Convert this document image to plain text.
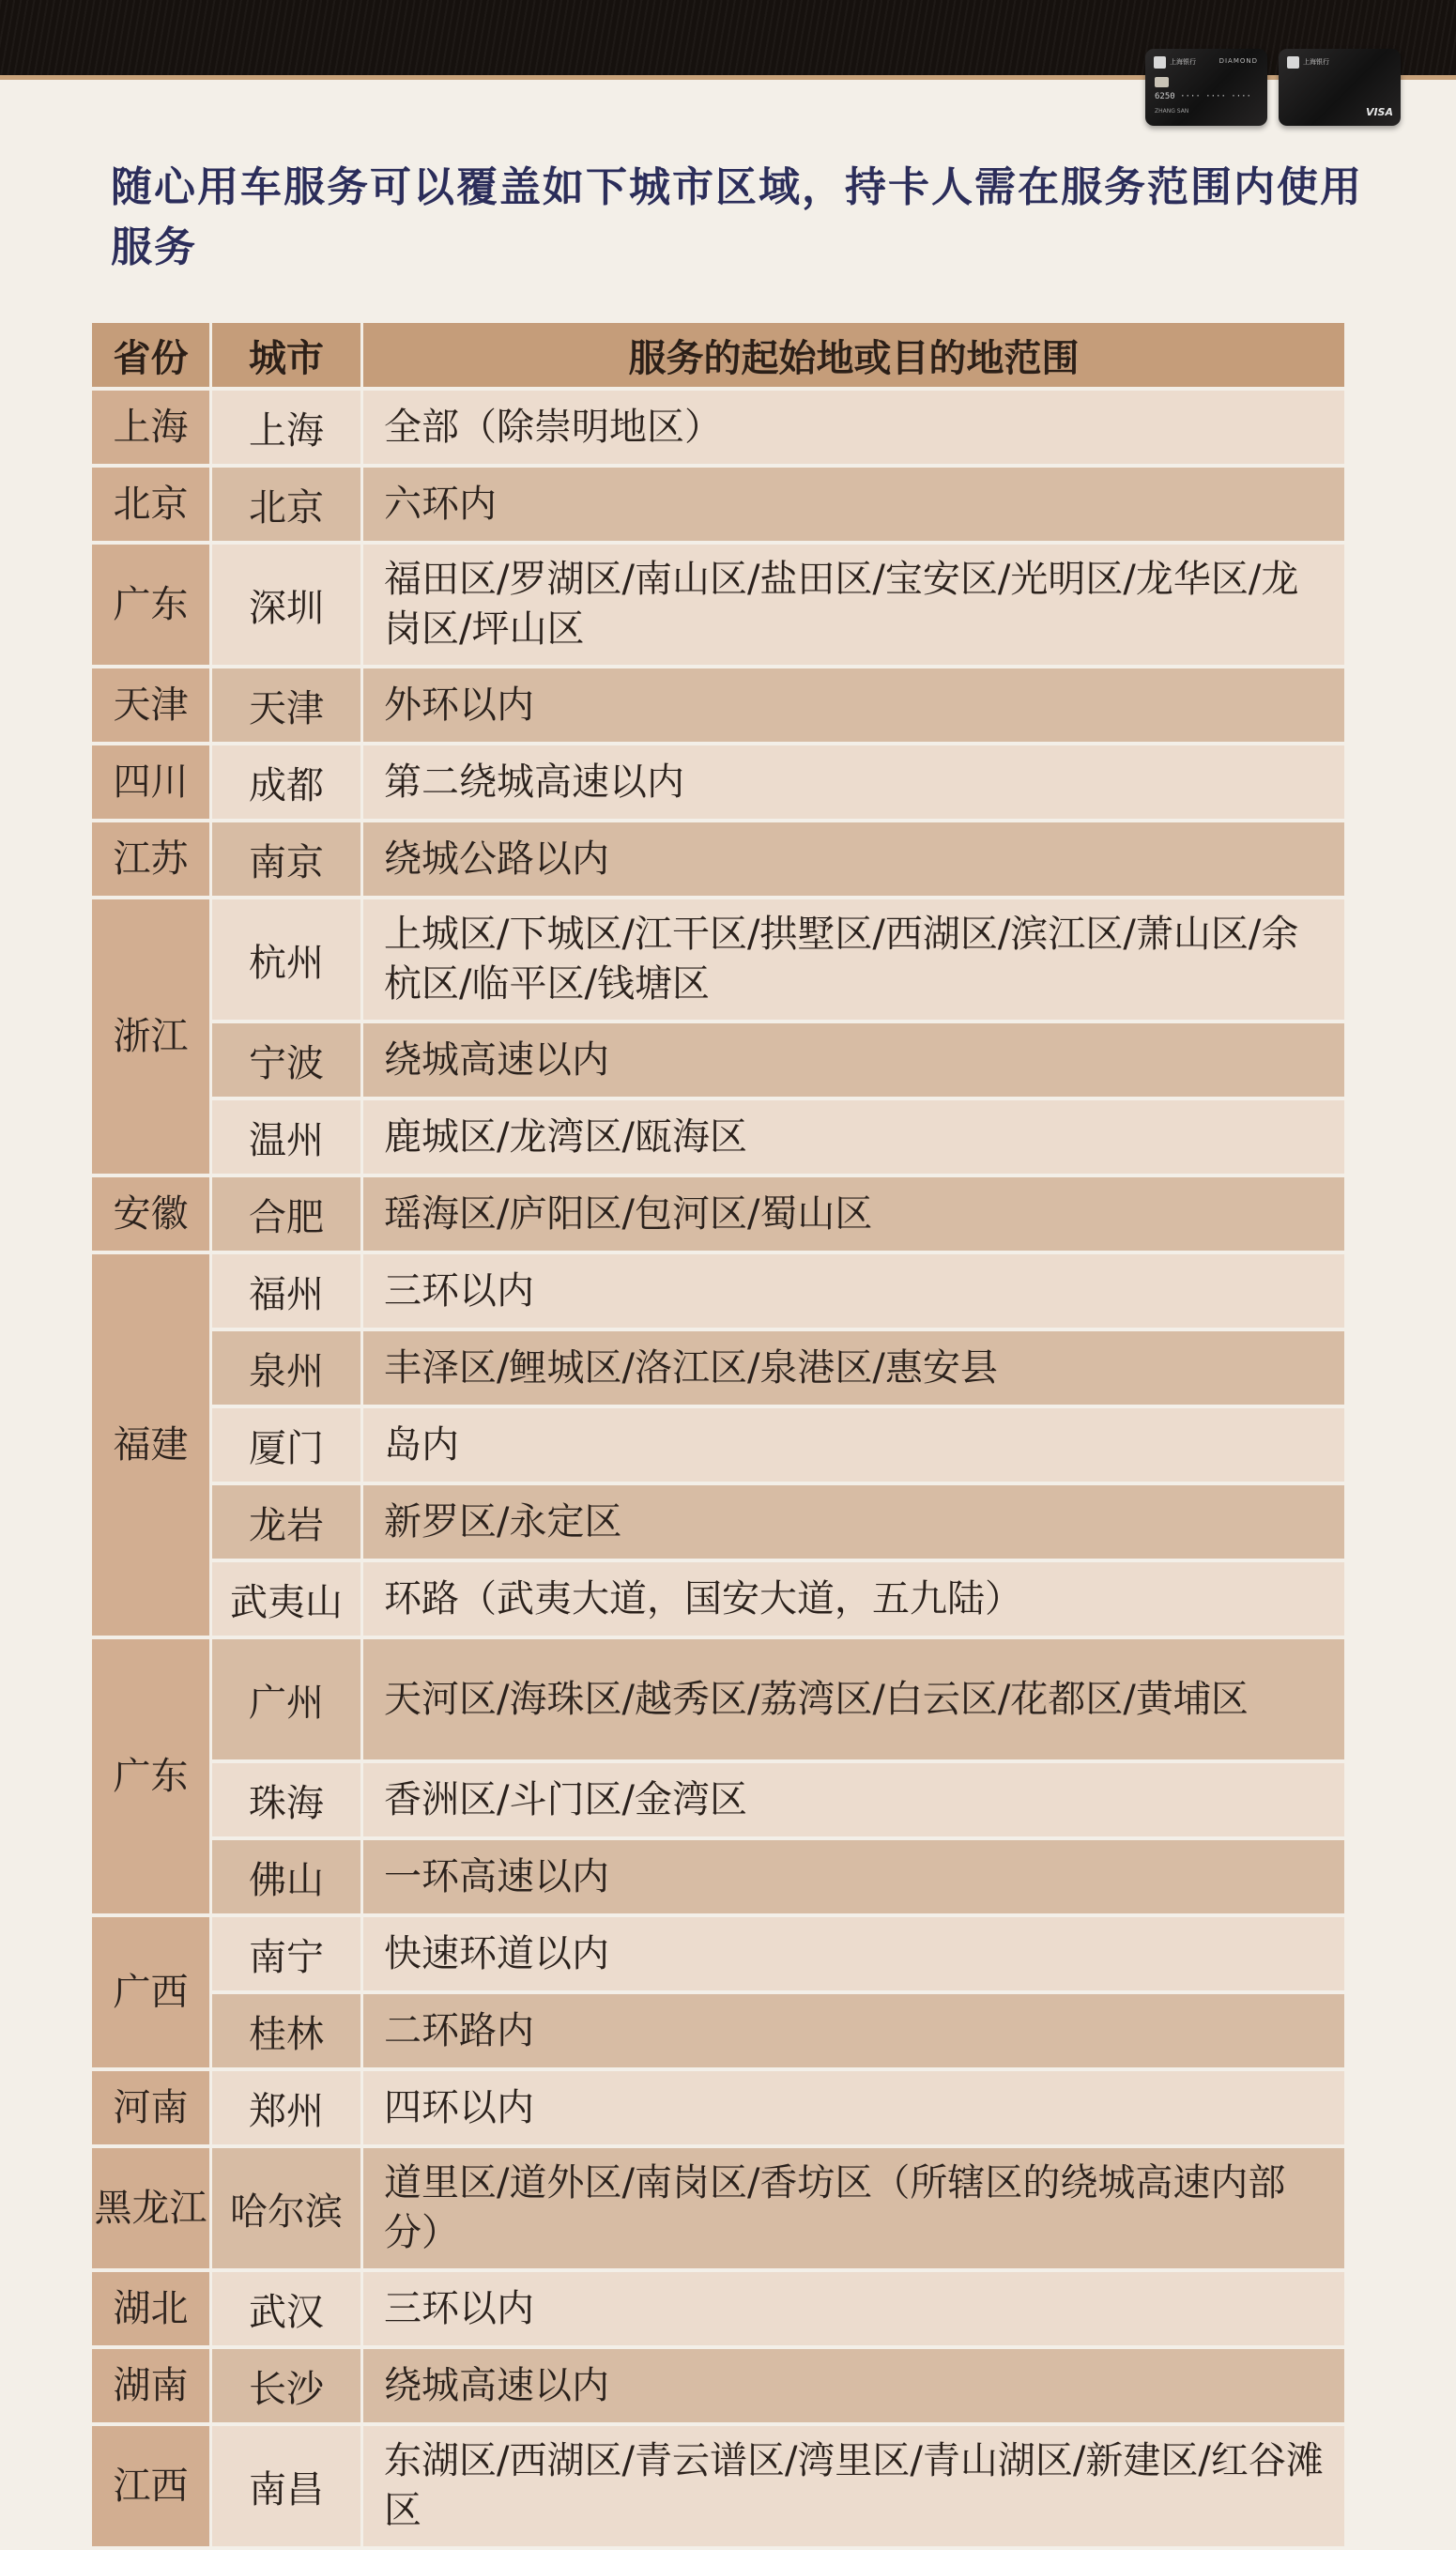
上海银行	DIAMOND
6250 ···· ···· ····
ZHANG SAN
上海银行
VISA
随心用车服务可以覆盖如下城市区域，持卡人需在服务范围内使用服务
省份	城市	服务的起始地或目的地范围
上海	上海	全部（除崇明地区）
北京	北京	六环内
广东	深圳	福田区/罗湖区/南山区/盐田区/宝安区/光明区/龙华区/龙岗区/坪山区
天津	天津	外环以内
四川	成都	第二绕城高速以内
江苏	南京	绕城公路以内
浙江	杭州	上城区/下城区/江干区/拱墅区/西湖区/滨江区/萧山区/余杭区/临平区/钱塘区
	宁波	绕城高速以内
	温州	鹿城区/龙湾区/瓯海区
安徽	合肥	瑶海区/庐阳区/包河区/蜀山区
福建	福州	三环以内
	泉州	丰泽区/鲤城区/洛江区/泉港区/惠安县
	厦门	岛内
	龙岩	新罗区/永定区
	武夷山	环路（武夷大道，国安大道，五九陆）
广东	广州	天河区/海珠区/越秀区/荔湾区/白云区/花都区/黄埔区
	珠海	香洲区/斗门区/金湾区
	佛山	一环高速以内
广西	南宁	快速环道以内
	桂林	二环路内
河南	郑州	四环以内
黑龙江	哈尔滨	道里区/道外区/南岗区/香坊区（所辖区的绕城高速内部分）
湖北	武汉	三环以内
湖南	长沙	绕城高速以内
江西	南昌	东湖区/西湖区/青云谱区/湾里区/青山湖区/新建区/红谷滩区
